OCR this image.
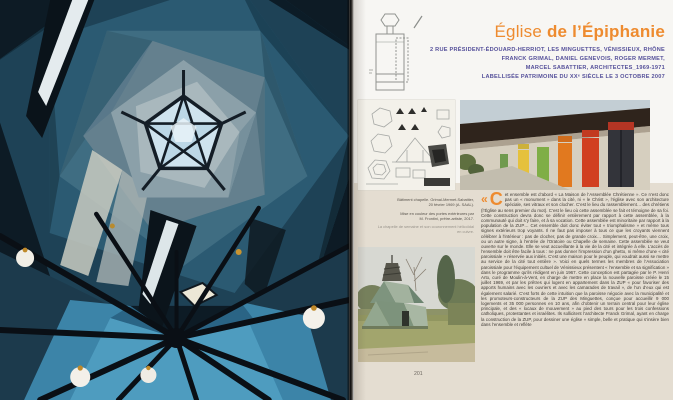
Église de l’Épiphanie
2 RUE PRÉSIDENT-ÉDOUARD-HERRIOT, LES MINGUETTES, VÉNISSIEUX, RHÔNE
FRANCK GRIMAL, DANIEL GENEVOIS, ROGER MERMET,
MARCEL SABATTIER, ARCHITECTES_1969-1971
LABELLISÉE PATRIMOINE DU XXᵉ SIÈCLE LE 3 OCTOBRE 2007

Bâtiment chapelle. Grimal-Mermet-Sabattier,
20 février 1969 (A. SAAL).

Mise en couleur des portes extérieures par
M. Frontini, prêtre-artiste, 2017.

La chapelle de semaine et son couronnement hélicoïdal
en cuivre.

201
« C et ensemble est d’abord « La Maison de l’Assemblée Chrétienne ». Ce n’est donc pas un « monument » dans la cité, ni « le Christ », l’église avec son architecture spéciale, ses vitraux et son clocher. C’est le lieu du rassemblement… des chrétiens (l’Église au sens premier du mot). C’est le lieu où cette assemblée se fait et témoigne de sa foi. Cette construction devra donc se définir entièrement par rapport à cette assemblée, à la communauté qui doit s’y faire, et à sa vocation. Cette assemblée est minoritaire par rapport à la population de la ZUP… Cet ensemble doit donc éviter tout « triomphalisme » et même tous signes extérieurs trop voyants. Il ne faut pas imposer à tous ce que les croyants viennent célébrer à l’intérieur : pas de clocher, pas de grande croix… Simplement, peut-être, une croix, ou un autre signe, à l’entrée de l’Oratoire ou Chapelle de semaine. Cette assemblée se veut ouverte sur le monde. Elle se veut accueillante à la vie de la cité et intégrée à elle. L’accès de l’ensemble doit être facile à tous : ne pas donner l’impression d’un ghetto, ni même d’une « cité paroissiale » réservée aux initiés. C’est une maison pour le peuple, qui voudrait aussi se mettre au service de la cité tout entière ». Voici en quels termes les membres de l’Association paroissiale pour l’équipement cultuel de Vénissieux présentent « l’ensemble et sa signification » dans le programme qu’ils rédigent en juin 1967. Cette conception est partagée par le P. Henri Arto, curé de Moulin-à-Vent, en charge de mettre en place la nouvelle paroisse créée le 15 juillet 1969, et par les prêtres qui logent en appartement dans la ZUP « pour favoriser des apports humains avec les ouvriers et avec les camarades de travail », de l’un d’eux qui est également salarié. C’est forts de cette intuition que la paroisse négocie avec la municipalité et les promoteurs-constructeurs de la ZUP des Minguettes, conçue pour accueillir 9 000 logements et 35 000 personnes en 10 ans, afin d’obtenir un terrain central pour leur église principale, et des « locaux de mouvement » au pied des tours pour les trois confessions catholiques, protestantes et israélites. Ils sollicitent l’architecte Franck Grimal, ayant en charge la construction de la ZUP, pour dessiner une église « simple, belle et pratique qui s’insère bien dans l’ensemble et reflète
